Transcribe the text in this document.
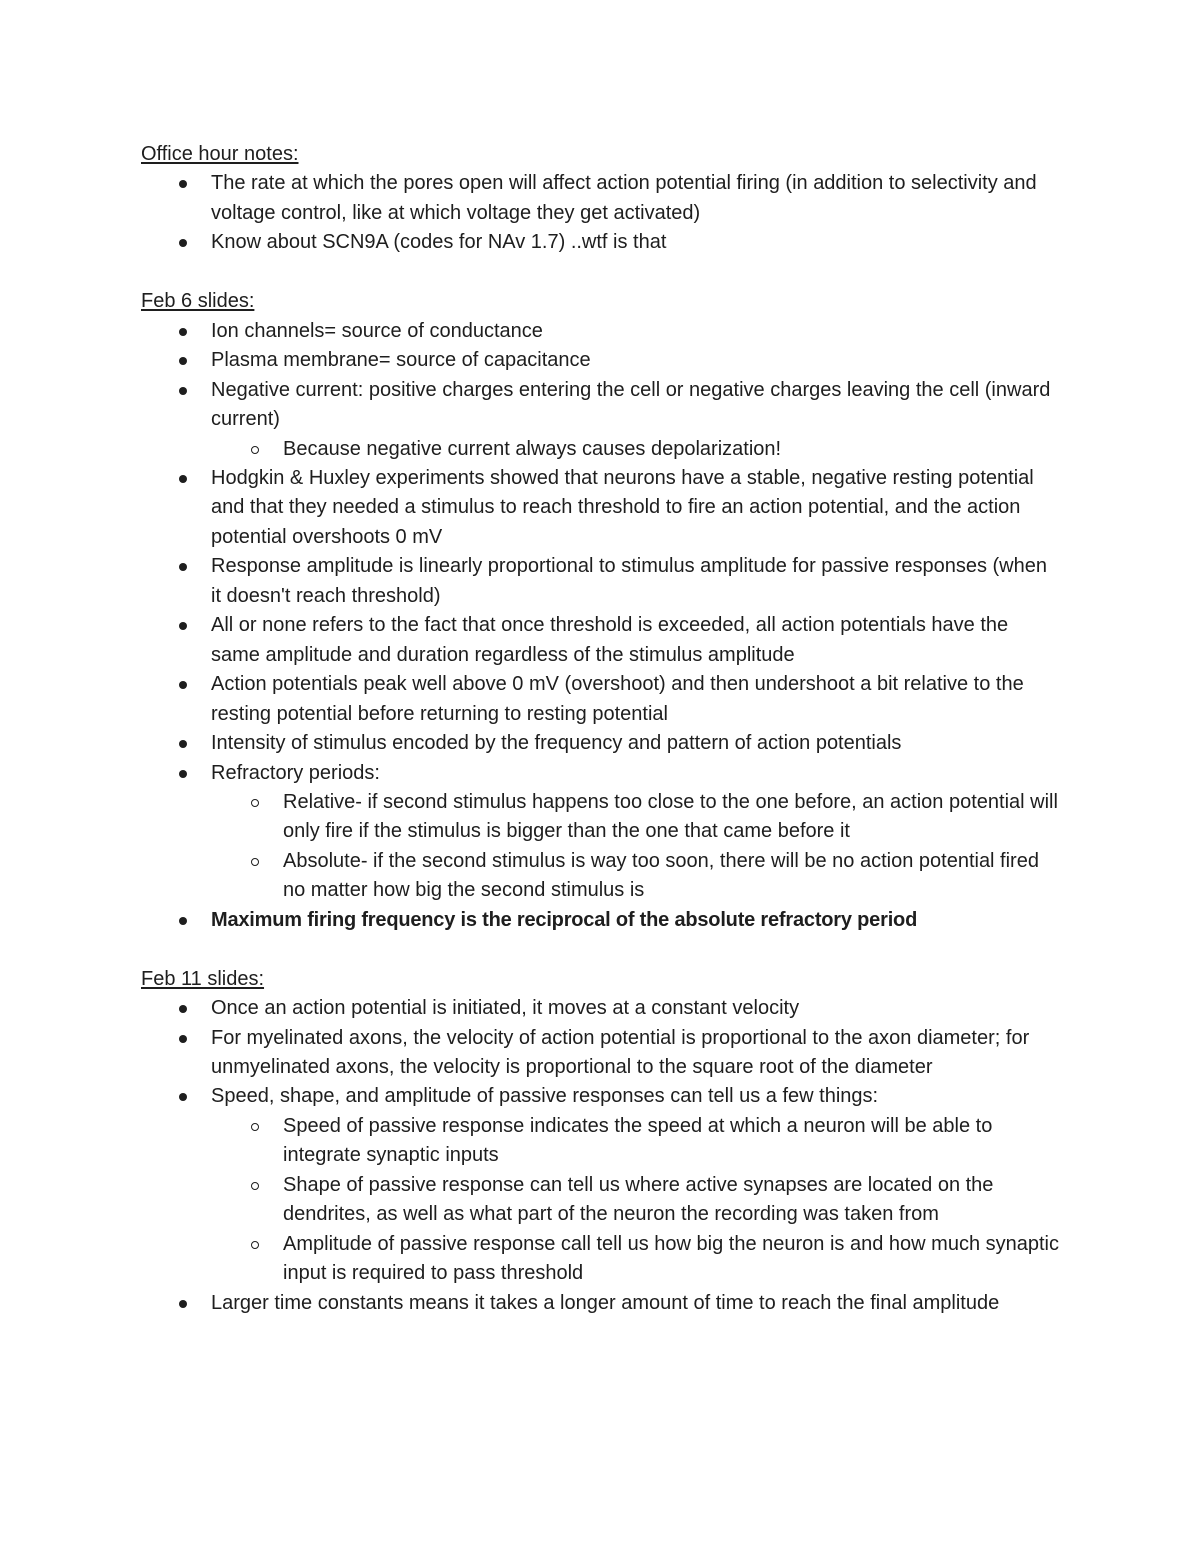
Office hour notes:
The rate at which the pores open will affect action potential firing (in addition to selectivity and voltage control, like at which voltage they get activated)
Know about SCN9A (codes for NAv 1.7) ..wtf is that
Feb 6 slides:
Ion channels= source of conductance
Plasma membrane= source of capacitance
Negative current: positive charges entering the cell or negative charges leaving the cell (inward current)
Because negative current always causes depolarization!
Hodgkin & Huxley experiments showed that neurons have a stable, negative resting potential and that they needed a stimulus to reach threshold to fire an action potential, and the action potential overshoots 0 mV
Response amplitude is linearly proportional to stimulus amplitude for passive responses (when it doesn't reach threshold)
All or none refers to the fact that once threshold is exceeded, all action potentials have the same amplitude and duration regardless of the stimulus amplitude
Action potentials peak well above 0 mV (overshoot) and then undershoot a bit relative to the resting potential before returning to resting potential
Intensity of stimulus encoded by the frequency and pattern of action potentials
Refractory periods:
Relative- if second stimulus happens too close to the one before, an action potential will only fire if the stimulus is bigger than the one that came before it
Absolute- if the second stimulus is way too soon, there will be no action potential fired no matter how big the second stimulus is
Maximum firing frequency is the reciprocal of the absolute refractory period
Feb 11 slides:
Once an action potential is initiated, it moves at a constant velocity
For myelinated axons, the velocity of action potential is proportional to the axon diameter; for unmyelinated axons, the velocity is proportional to the square root of the diameter
Speed, shape, and amplitude of passive responses can tell us a few things:
Speed of passive response indicates the speed at which a neuron will be able to integrate synaptic inputs
Shape of passive response can tell us where active synapses are located on the dendrites, as well as what part of the neuron the recording was taken from
Amplitude of passive response call tell us how big the neuron is and how much synaptic input is required to pass threshold
Larger time constants means it takes a longer amount of time to reach the final amplitude
